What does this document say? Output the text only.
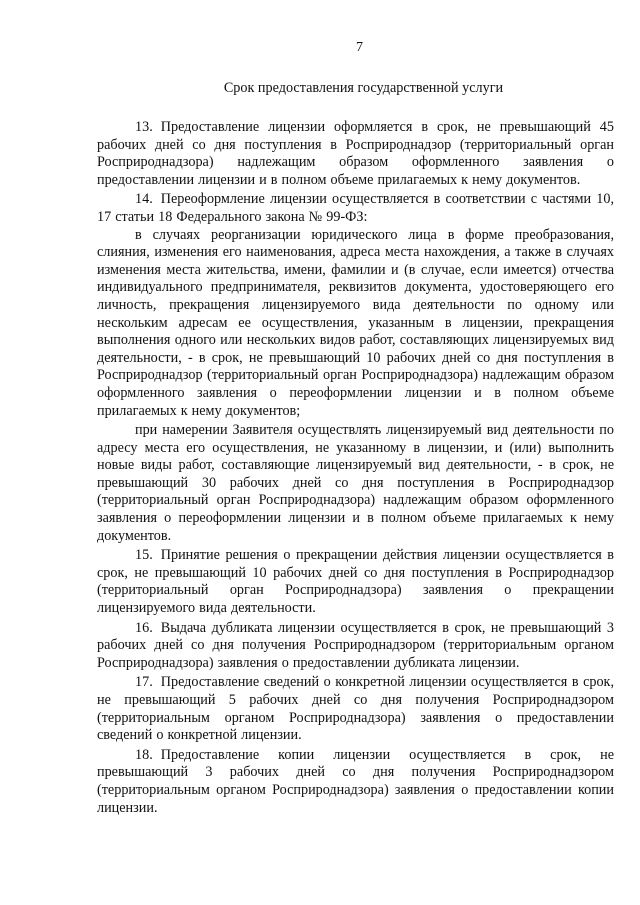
7
Срок предоставления государственной услуги

13. Предоставление лицензии оформляется в срок, не превышающий 45 рабочих дней со дня поступления в Росприроднадзор (территориальный орган Росприроднадзора) надлежащим образом оформленного заявления о предоставлении лицензии и в полном объеме прилагаемых к нему документов.

14. Переоформление лицензии осуществляется в соответствии с частями 10, 17 статьи 18 Федерального закона № 99-ФЗ:

в случаях реорганизации юридического лица в форме преобразования, слияния, изменения его наименования, адреса места нахождения, а также в случаях изменения места жительства, имени, фамилии и (в случае, если имеется) отчества индивидуального предпринимателя, реквизитов документа, удостоверяющего его личность, прекращения лицензируемого вида деятельности по одному или нескольким адресам ее осуществления, указанным в лицензии, прекращения выполнения одного или нескольких видов работ, составляющих лицензируемых вид деятельности, - в срок, не превышающий 10 рабочих дней со дня поступления в Росприроднадзор (территориальный орган Росприроднадзора) надлежащим образом оформленного заявления о переоформлении лицензии и в полном объеме прилагаемых к нему документов;

при намерении Заявителя осуществлять лицензируемый вид деятельности по адресу места его осуществления, не указанному в лицензии, и (или) выполнить новые виды работ, составляющие лицензируемый вид деятельности, - в срок, не превышающий 30 рабочих дней со дня поступления в Росприроднадзор (территориальный орган Росприроднадзора) надлежащим образом оформленного заявления о переоформлении лицензии и в полном объеме прилагаемых к нему документов.

15. Принятие решения о прекращении действия лицензии осуществляется в срок, не превышающий 10 рабочих дней со дня поступления в Росприроднадзор (территориальный орган Росприроднадзора) заявления о прекращении лицензируемого вида деятельности.

16. Выдача дубликата лицензии осуществляется в срок, не превышающий 3 рабочих дней со дня получения Росприроднадзором (территориальным органом Росприроднадзора) заявления о предоставлении дубликата лицензии.

17. Предоставление сведений о конкретной лицензии осуществляется в срок, не превышающий 5 рабочих дней со дня получения Росприроднадзором (территориальным органом Росприроднадзора) заявления о предоставлении сведений о конкретной лицензии.

18. Предоставление копии лицензии осуществляется в срок, не превышающий 3 рабочих дней со дня получения Росприроднадзором (территориальным органом Росприроднадзора) заявления о предоставлении копии лицензии.
